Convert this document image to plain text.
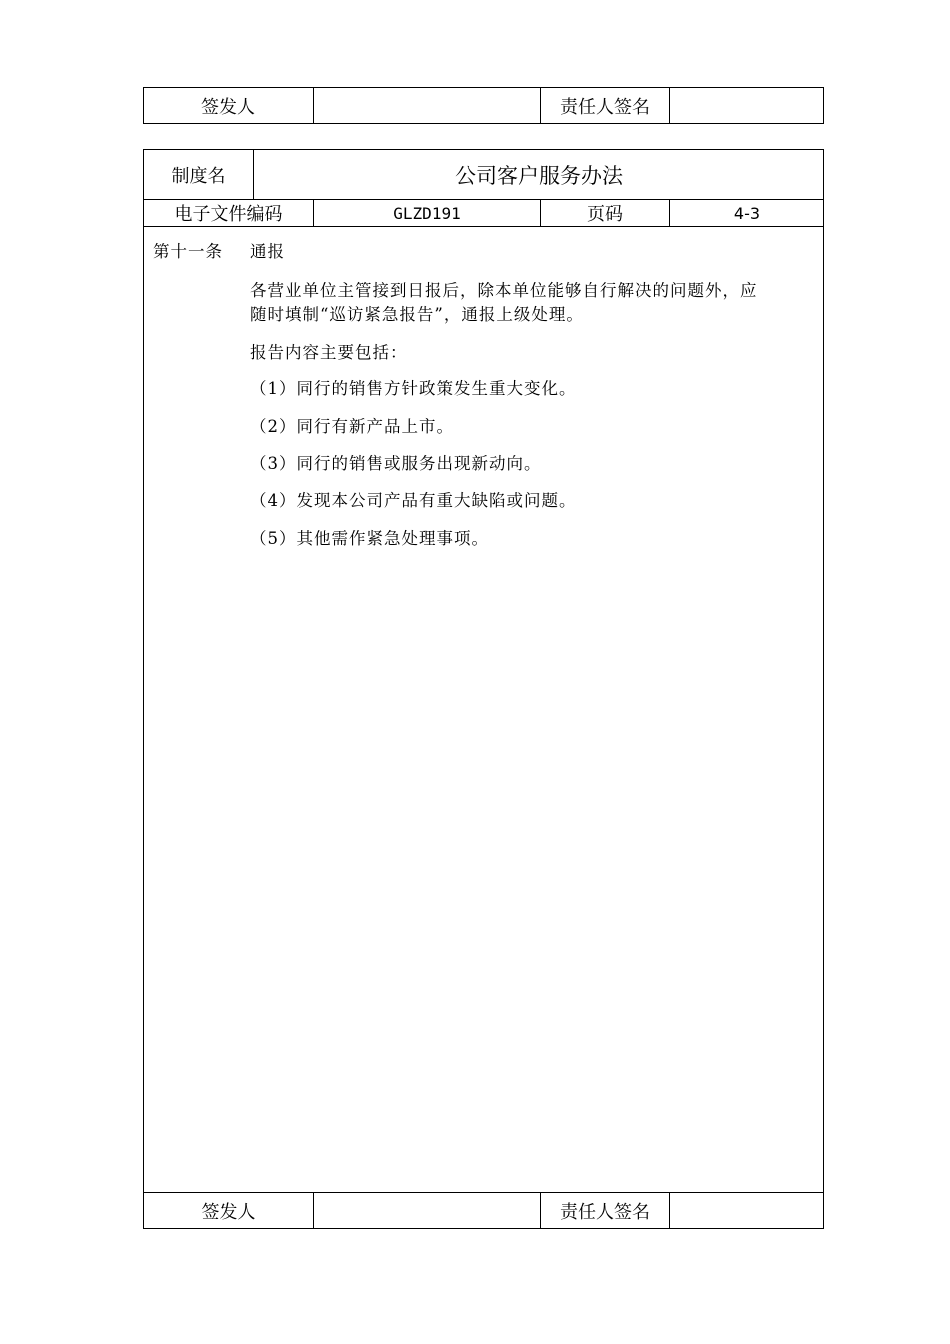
签发人	责任人签名
制度名	公司客户服务办法
电子文件编码	GLZD191	页码	4-3
第十一条 通报
各营业单位主管接到日报后，除本单位能够自行解决的问题外，应
随时填制“巡访紧急报告”，通报上级处理。
报告内容主要包括：
（1）同行的销售方针政策发生重大变化。
（2）同行有新产品上市。
（3）同行的销售或服务出现新动向。
（4）发现本公司产品有重大缺陷或问题。
（5）其他需作紧急处理事项。
签发人	责任人签名
